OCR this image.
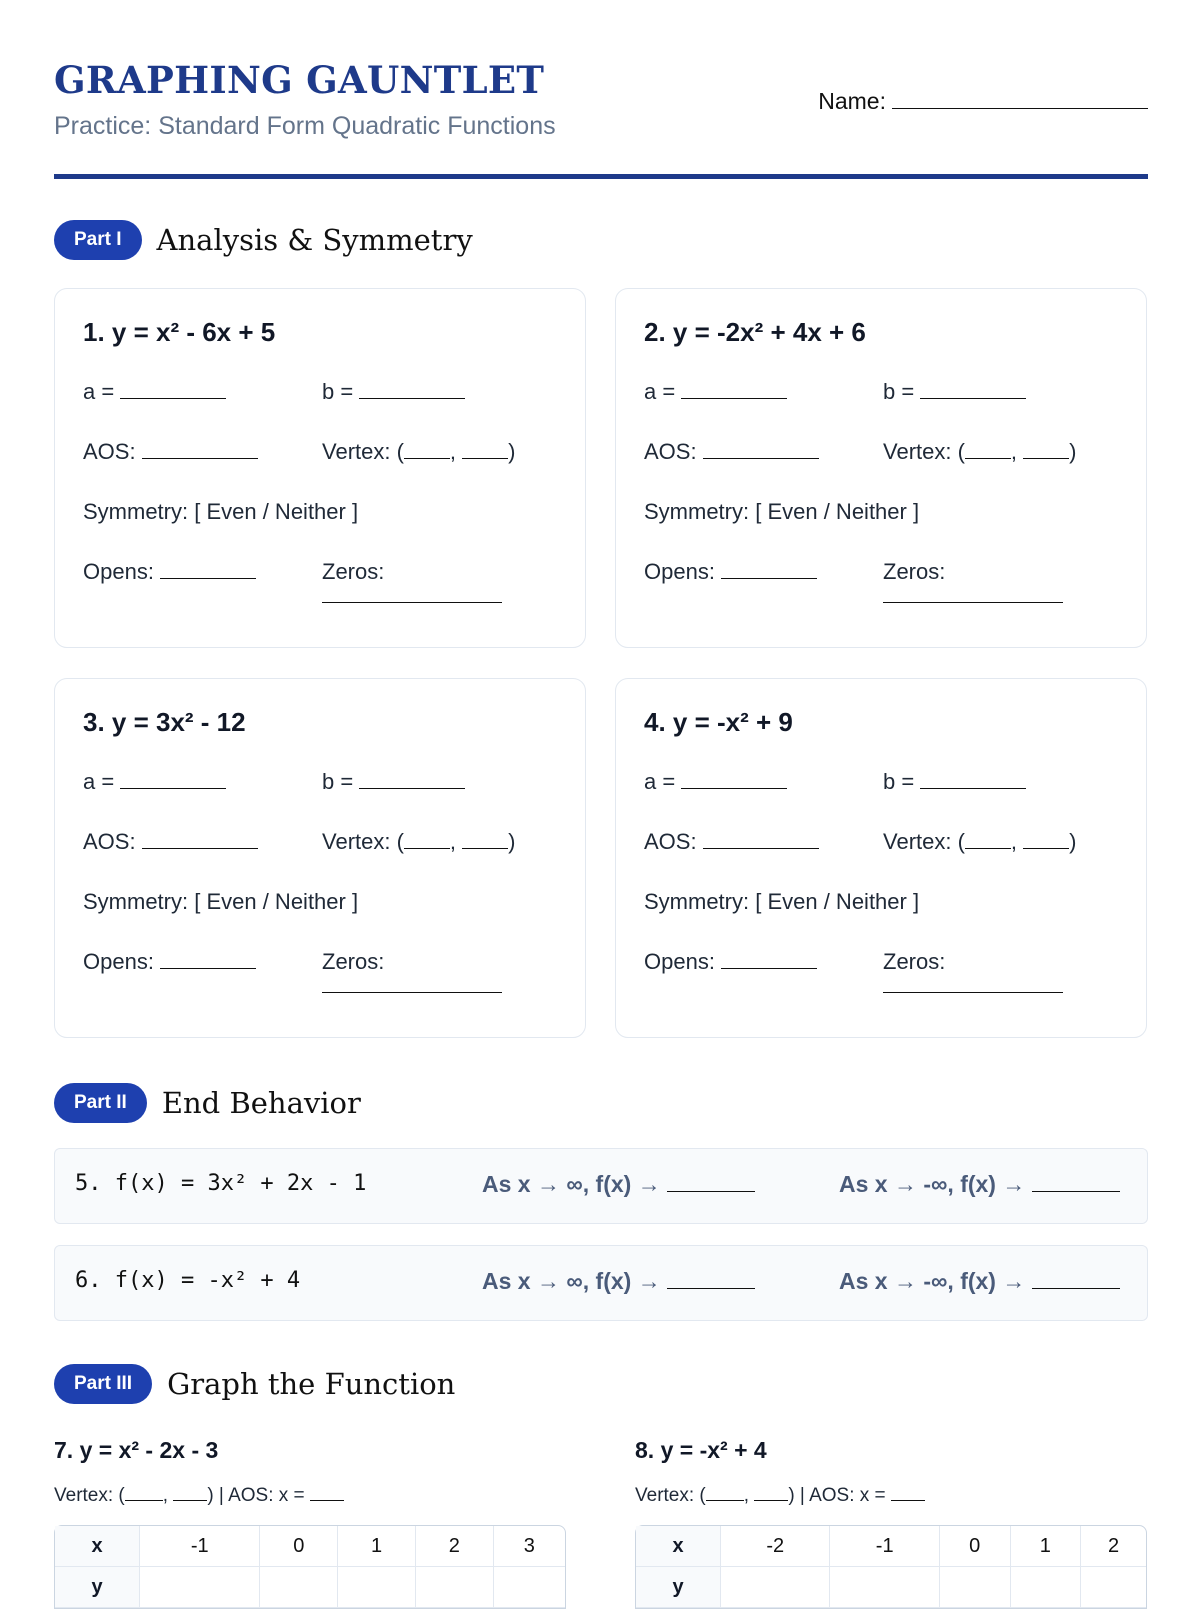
GRAPHING GAUNTLET
Practice: Standard Form Quadratic Functions
Name:
Part I	Analysis & Symmetry
1. y = x² - 6x + 5
a =	b =
AOS:	Vertex: ( , )
Symmetry: [ Even / Neither ]
Opens:	Zeros:
2. y = -2x² + 4x + 6
a =	b =
AOS:	Vertex: ( , )
Symmetry: [ Even / Neither ]
Opens:	Zeros:
3. y = 3x² - 12
a =	b =
AOS:	Vertex: ( , )
Symmetry: [ Even / Neither ]
Opens:	Zeros:
4. y = -x² + 9
a =	b =
AOS:	Vertex: ( , )
Symmetry: [ Even / Neither ]
Opens:	Zeros:
Part II	End Behavior
5. f(x) = 3x² + 2x - 1	As x → ∞, f(x) →	As x → -∞, f(x) →
6. f(x) = -x² + 4	As x → ∞, f(x) →	As x → -∞, f(x) →
Part III	Graph the Function
7. y = x² - 2x - 3
Vertex: ( , ) | AOS: x =
x	-1	0	1	2	3
y					
8. y = -x² + 4
Vertex: ( , ) | AOS: x =
x	-2	-1	0	1	2
y					
